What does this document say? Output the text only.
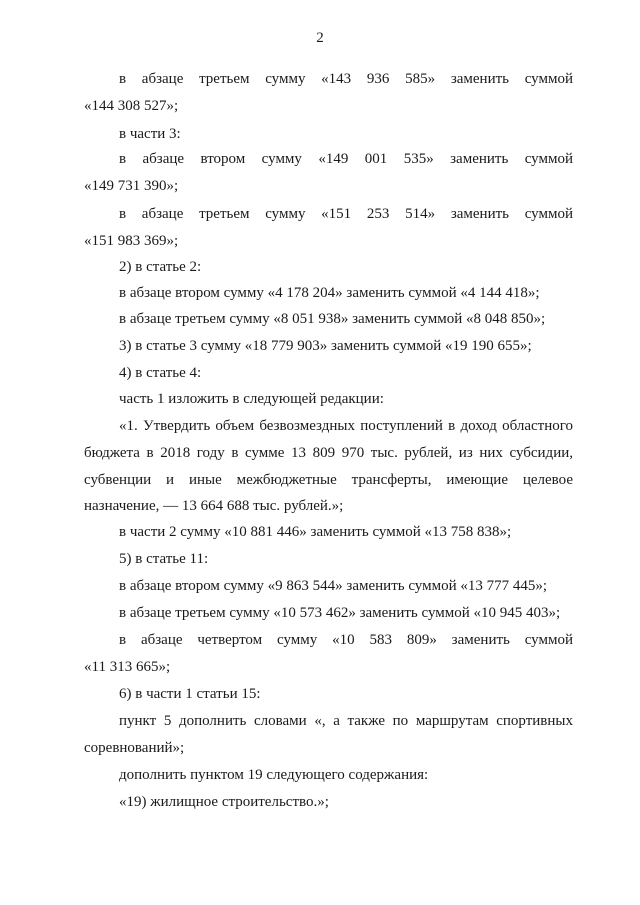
2
в абзаце третьем сумму «143 936 585» заменить суммой
«144 308 527»;
в части 3:
в абзаце втором сумму «149 001 535» заменить суммой
«149 731 390»;
в абзаце третьем сумму «151 253 514» заменить суммой
«151 983 369»;
2) в статье 2:
в абзаце втором сумму «4 178 204» заменить суммой «4 144 418»;
в абзаце третьем сумму «8 051 938» заменить суммой «8 048 850»;
3) в статье 3 сумму «18 779 903» заменить суммой «19 190 655»;
4) в статье 4:
часть 1 изложить в следующей редакции:
«1. Утвердить объем безвозмездных поступлений в доход областного
бюджета в 2018 году в сумме 13 809 970 тыс. рублей, из них субсидии,
субвенции и иные межбюджетные трансферты, имеющие целевое
назначение, — 13 664 688 тыс. рублей.»;
в части 2 сумму «10 881 446» заменить суммой «13 758 838»;
5) в статье 11:
в абзаце втором сумму «9 863 544» заменить суммой «13 777 445»;
в абзаце третьем сумму «10 573 462» заменить суммой «10 945 403»;
в абзаце четвертом сумму «10 583 809» заменить суммой
«11 313 665»;
6) в части 1 статьи 15:
пункт 5 дополнить словами «, а также по маршрутам спортивных
соревнований»;
дополнить пунктом 19 следующего содержания:
«19) жилищное строительство.»;
